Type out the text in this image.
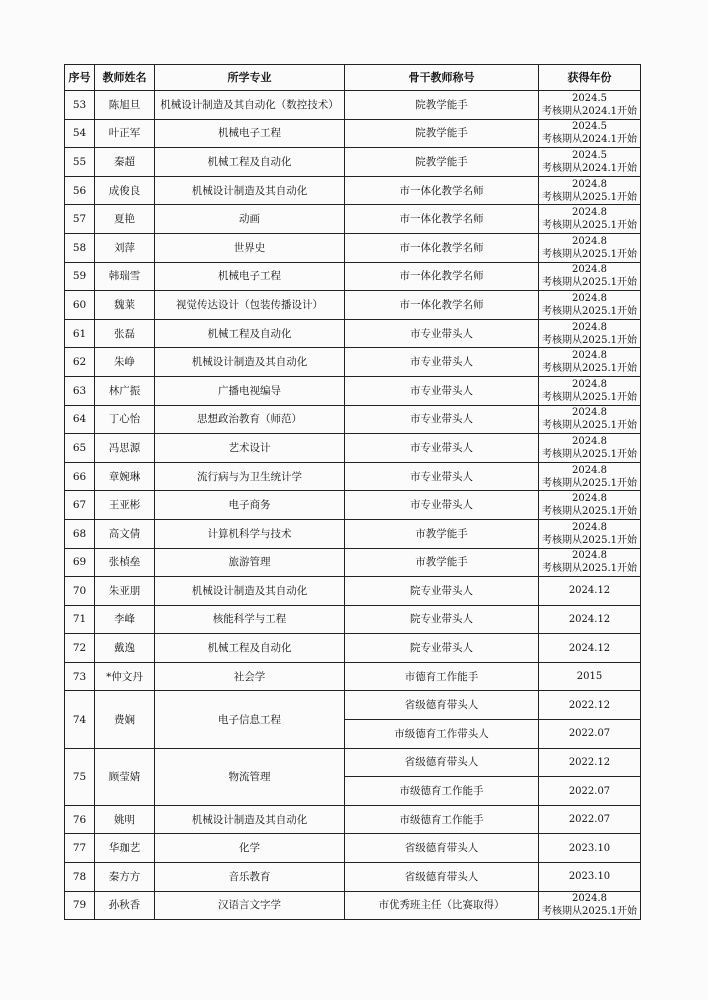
序号	教师姓名	所学专业	骨干教师称号	获得年份
53	陈旭旦	机械设计制造及其自动化（数控技术）	院教学能手	2024.5
考核期从2024.1开始

54	叶正军	机械电子工程	院教学能手	2024.5
考核期从2024.1开始

55	秦超	机械工程及自动化	院教学能手	2024.5
考核期从2024.1开始

56	成俊良	机械设计制造及其自动化	市一体化教学名师	2024.8
考核期从2025.1开始

57	夏艳	动画	市一体化教学名师	2024.8
考核期从2025.1开始

58	刘萍	世界史	市一体化教学名师	2024.8
考核期从2025.1开始

59	韩瑞雪	机械电子工程	市一体化教学名师	2024.8
考核期从2025.1开始

60	魏莱	视觉传达设计（包装传播设计）	市一体化教学名师	2024.8
考核期从2025.1开始

61	张磊	机械工程及自动化	市专业带头人	2024.8
考核期从2025.1开始

62	朱峥	机械设计制造及其自动化	市专业带头人	2024.8
考核期从2025.1开始

63	林广振	广播电视编导	市专业带头人	2024.8
考核期从2025.1开始

64	丁心怡	思想政治教育（师范）	市专业带头人	2024.8
考核期从2025.1开始

65	冯思源	艺术设计	市专业带头人	2024.8
考核期从2025.1开始

66	章婉琳	流行病与为卫生统计学	市专业带头人	2024.8
考核期从2025.1开始

67	王亚彬	电子商务	市专业带头人	2024.8
考核期从2025.1开始

68	高文倩	计算机科学与技术	市教学能手	2024.8
考核期从2025.1开始

69	张楨垒	旅游管理	市教学能手	2024.8
考核期从2025.1开始

70	朱亚朋	机械设计制造及其自动化	院专业带头人	2024.12

71	李峰	核能科学与工程	院专业带头人	2024.12

72	戴逸	机械工程及自动化	院专业带头人	2024.12

73	*仲文丹	社会学	市德育工作能手	2015

74	费娴	电子信息工程	省级德育带头人	2022.12
			市级德育工作带头人	2022.07
75	顾莹婧	物流管理	省级德育带头人	2022.12
			市级德育工作能手	2022.07
76	姚明	机械设计制造及其自动化	市级德育工作能手	2022.07

77	华珈艺	化学	省级德育带头人	2023.10

78	秦方方	音乐教育	省级德育带头人	2023.10

79	孙秋香	汉语言文字学	市优秀班主任（比赛取得）	2024.8
考核期从2025.1开始
